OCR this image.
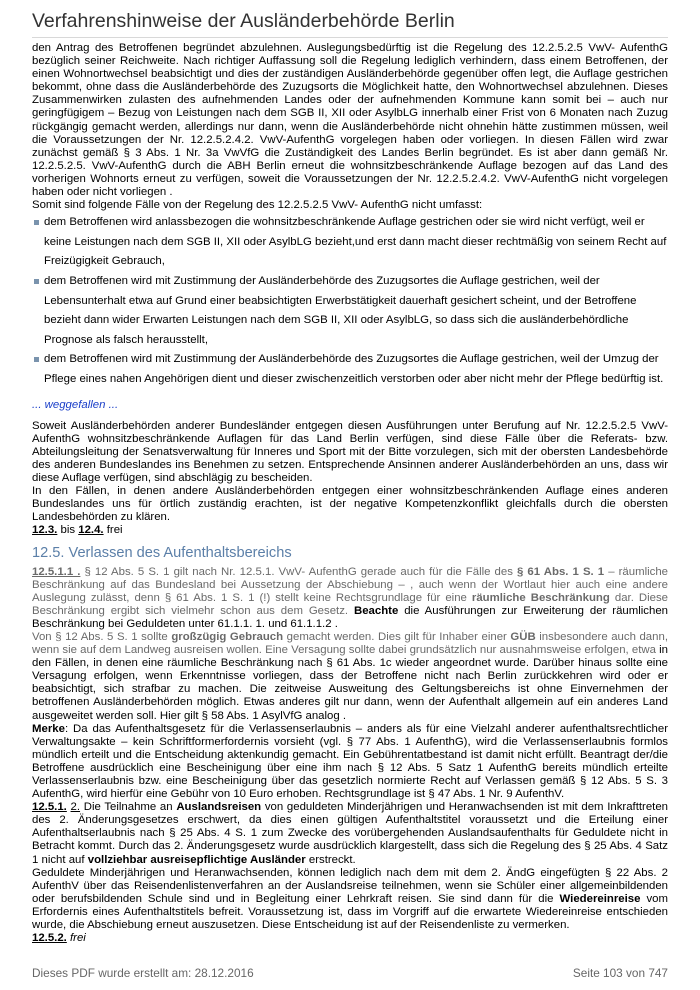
Verfahrenshinweise der Ausländerbehörde Berlin

den Antrag des Betroffenen begründet abzulehnen. Auslegungsbedürftig ist die Regelung des 12.2.5.2.5 VwV- AufenthG bezüglich seiner Reichweite. Nach richtiger Auffassung soll die Regelung lediglich verhindern, dass einem Betroffenen, der einen Wohnortwechsel beabsichtigt und dies der zuständigen Ausländerbehörde gegenüber offen legt, die Auflage gestrichen bekommt, ohne dass die Ausländerbehörde des Zuzugsorts die Möglichkeit hatte, den Wohnortwechsel abzulehnen. Dieses Zusammenwirken zulasten des aufnehmenden Landes oder der aufnehmenden Kommune kann somit bei – auch nur geringfügigem – Bezug von Leistungen nach dem SGB II, XII oder AsylbLG innerhalb einer Frist von 6 Monaten nach Zuzug rückgängig gemacht werden, allerdings nur dann, wenn die Ausländerbehörde nicht ohnehin hätte zustimmen müssen, weil die Voraussetzungen der Nr. 12.2.5.2.4.2. VwV-AufenthG vorgelegen haben oder vorliegen. In diesen Fällen wird zwar zunächst gemäß § 3 Abs. 1 Nr. 3a VwVfG die Zuständigkeit des Landes Berlin begründet. Es ist aber dann gemäß Nr. 12.2.5.2.5. VwV-AufenthG durch die ABH Berlin erneut die wohnsitzbeschränkende Auflage bezogen auf das Land des vorherigen Wohnorts erneut zu verfügen, soweit die Voraussetzungen der Nr. 12.2.5.2.4.2. VwV-AufenthG nicht vorgelegen haben oder nicht vorliegen .

Somit sind folgende Fälle von der Regelung des 12.2.5.2.5 VwV- AufenthG nicht umfasst:

dem Betroffenen wird anlassbezogen die wohnsitzbeschränkende Auflage gestrichen oder sie wird nicht verfügt, weil er keine Leistungen nach dem SGB II, XII oder AsylbLG bezieht,und erst dann macht dieser rechtmäßig von seinem Recht auf Freizügigkeit Gebrauch,
dem Betroffenen wird mit Zustimmung der Ausländerbehörde des Zuzugsortes die Auflage gestrichen, weil der Lebensunterhalt etwa auf Grund einer beabsichtigten Erwerbstätigkeit dauerhaft gesichert scheint, und der Betroffene bezieht dann wider Erwarten Leistungen nach dem SGB II, XII oder AsylbLG, so dass sich die ausländerbehördliche Prognose als falsch herausstellt,
dem Betroffenen wird mit Zustimmung der Ausländerbehörde des Zuzugsortes die Auflage gestrichen, weil der Umzug der Pflege eines nahen Angehörigen dient und dieser zwischenzeitlich verstorben oder aber nicht mehr der Pflege bedürftig ist.

... weggefallen ...

Soweit Ausländerbehörden anderer Bundesländer entgegen diesen Ausführungen unter Berufung auf Nr. 12.2.5.2.5 VwV-AufenthG wohnsitzbeschränkende Auflagen für das Land Berlin verfügen, sind diese Fälle über die Referats- bzw. Abteilungsleitung der Senatsverwaltung für Inneres und Sport mit der Bitte vorzulegen, sich mit der obersten Landesbehörde des anderen Bundeslandes ins Benehmen zu setzen. Entsprechende Ansinnen anderer Ausländerbehörden an uns, dass wir diese Auflage verfügen, sind abschlägig zu bescheiden.

In den Fällen, in denen andere Ausländerbehörden entgegen einer wohnsitzbeschränkenden Auflage eines anderen Bundeslandes uns für örtlich zuständig erachten, ist der negative Kompetenzkonflikt gleichfalls durch die obersten Landesbehörden zu klären.

12.3. bis 12.4. frei

12.5. Verlassen des Aufenthaltsbereichs

12.5.1.1 . § 12 Abs. 5 S. 1 gilt nach Nr. 12.5.1. VwV- AufenthG gerade auch für die Fälle des § 61 Abs. 1 S. 1 – räumliche Beschränkung auf das Bundesland bei Aussetzung der Abschiebung – , auch wenn der Wortlaut hier auch eine andere Auslegung zulässt, denn § 61 Abs. 1 S. 1 (!) stellt keine Rechtsgrundlage für eine räumliche Beschränkung dar. Diese Beschränkung ergibt sich vielmehr schon aus dem Gesetz. Beachte die Ausführungen zur Erweiterung der räumlichen Beschränkung bei Geduldeten unter 61.1.1. 1. und 61.1.1.2 .

Von § 12 Abs. 5 S. 1 sollte großzügig Gebrauch gemacht werden. Dies gilt für Inhaber einer GÜB insbesondere auch dann, wenn sie auf dem Landweg ausreisen wollen. Eine Versagung sollte dabei grundsätzlich nur ausnahmsweise erfolgen, etwa in den Fällen, in denen eine räumliche Beschränkung nach § 61 Abs. 1c wieder angeordnet wurde. Darüber hinaus sollte eine Versagung erfolgen, wenn Erkenntnisse vorliegen, dass der Betroffene nicht nach Berlin zurückkehren wird oder er beabsichtigt, sich strafbar zu machen. Die zeitweise Ausweitung des Geltungsbereichs ist ohne Einvernehmen der betroffenen Ausländerbehörden möglich. Etwas anderes gilt nur dann, wenn der Aufenthalt allgemein auf ein anderes Land ausgeweitet werden soll. Hier gilt § 58 Abs. 1 AsylVfG analog .

Merke: Da das Aufenthaltsgesetz für die Verlassenserlaubnis – anders als für eine Vielzahl anderer aufenthaltsrechtlicher Verwaltungsakte – kein Schriftformerfordernis vorsieht (vgl. § 77 Abs. 1 AufenthG), wird die Verlassenserlaubnis formlos mündlich erteilt und die Entscheidung aktenkundig gemacht. Ein Gebührentatbestand ist damit nicht erfüllt. Beantragt der/die Betroffene ausdrücklich eine Bescheinigung über eine ihm nach § 12 Abs. 5 Satz 1 AufenthG bereits mündlich erteilte Verlassenserlaubnis bzw. eine Bescheinigung über das gesetzlich normierte Recht auf Verlassen gemäß § 12 Abs. 5 S. 3 AufenthG, wird hierfür eine Gebühr von 10 Euro erhoben. Rechtsgrundlage ist § 47 Abs. 1 Nr. 9 AufenthV.

12.5.1. 2. Die Teilnahme an Auslandsreisen von geduldeten Minderjährigen und Heranwachsenden ist mit dem Inkrafttreten des 2. Änderungsgesetzes erschwert, da dies einen gültigen Aufenthaltstitel voraussetzt und die Erteilung einer Aufenthaltserlaubnis nach § 25 Abs. 4 S. 1 zum Zwecke des vorübergehenden Auslandsaufenthalts für Geduldete nicht in Betracht kommt. Durch das 2. Änderungsgesetz wurde ausdrücklich klargestellt, dass sich die Regelung des § 25 Abs. 4 Satz 1 nicht auf vollziehbar ausreisepflichtige Ausländer erstreckt.

Geduldete Minderjährigen und Heranwachsenden, können lediglich nach dem mit dem 2. ÄndG eingefügten § 22 Abs. 2 AufenthV über das Reisendenlistenverfahren an der Auslandsreise teilnehmen, wenn sie Schüler einer allgemeinbildenden oder berufsbildenden Schule sind und in Begleitung einer Lehrkraft reisen. Sie sind dann für die Wiedereinreise vom Erfordernis eines Aufenthaltstitels befreit. Voraussetzung ist, dass im Vorgriff auf die erwartete Wiedereinreise entschieden wurde, die Abschiebung erneut auszusetzen. Diese Entscheidung ist auf der Reisendenliste zu vermerken.

12.5.2. frei

Dieses PDF wurde erstellt am: 28.12.2016	Seite 103 von 747
